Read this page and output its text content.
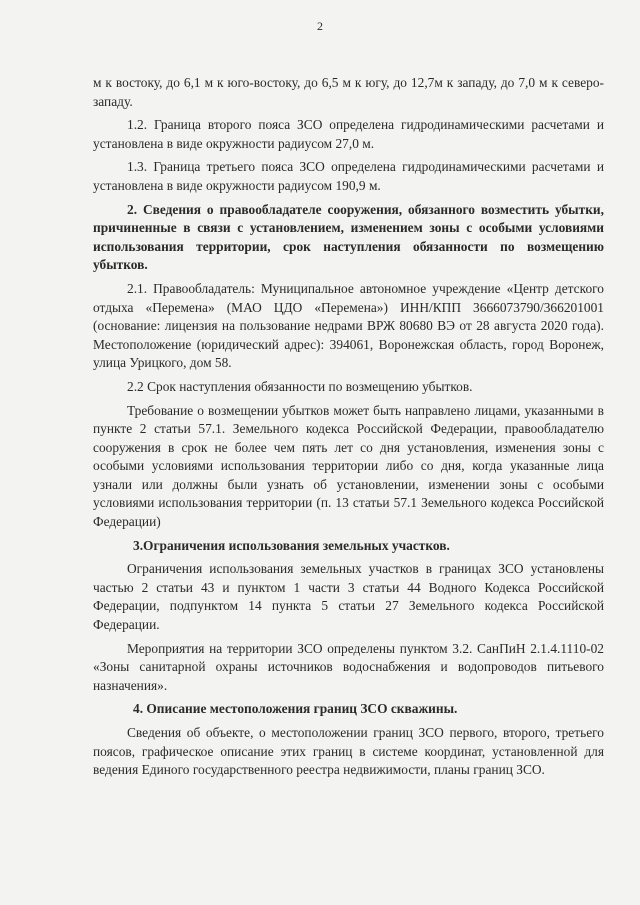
2

м к востоку, до 6,1 м к юго-востоку, до 6,5 м к югу, до 12,7м к западу, до 7,0 м к северо-западу.

1.2. Граница второго пояса ЗСО определена гидродинамическими расчетами и установлена в виде окружности радиусом 27,0 м.

1.3. Граница третьего пояса ЗСО определена гидродинамическими расчетами и установлена в виде окружности радиусом 190,9 м.

2. Сведения о правообладателе сооружения, обязанного возместить убытки, причиненные в связи с установлением, изменением зоны с особыми условиями использования территории, срок наступления обязанности по возмещению убытков.

2.1. Правообладатель: Муниципальное автономное учреждение «Центр детского отдыха «Перемена» (МАО ЦДО «Перемена») ИНН/КПП 3666073790/366201001 (основание: лицензия на пользование недрами ВРЖ 80680 ВЭ от 28 августа 2020 года). Местоположение (юридический адрес): 394061, Воронежская область, город Воронеж, улица Урицкого, дом 58.

2.2 Срок наступления обязанности по возмещению убытков.

Требование о возмещении убытков может быть направлено лицами, указанными в пункте 2 статьи 57.1. Земельного кодекса Российской Федерации, правообладателю сооружения в срок не более чем пять лет со дня установления, изменения зоны с особыми условиями использования территории либо со дня, когда указанные лица узнали или должны были узнать об установлении, изменении зоны с особыми условиями использования территории (п. 13 статьи 57.1 Земельного кодекса Российской Федерации)

3.Ограничения использования земельных участков.

Ограничения использования земельных участков в границах ЗСО установлены частью 2 статьи 43 и пунктом 1 части 3 статьи 44 Водного Кодекса Российской Федерации, подпунктом 14 пункта 5 статьи 27 Земельного кодекса Российской Федерации.

Мероприятия на территории ЗСО определены пунктом 3.2. СанПиН 2.1.4.1110-02 «Зоны санитарной охраны источников водоснабжения и водопроводов питьевого назначения».

4. Описание местоположения границ ЗСО скважины.

Сведения об объекте, о местоположении границ ЗСО первого, второго, третьего поясов, графическое описание этих границ в системе координат, установленной для ведения Единого государственного реестра недвижимости, планы границ ЗСО.
